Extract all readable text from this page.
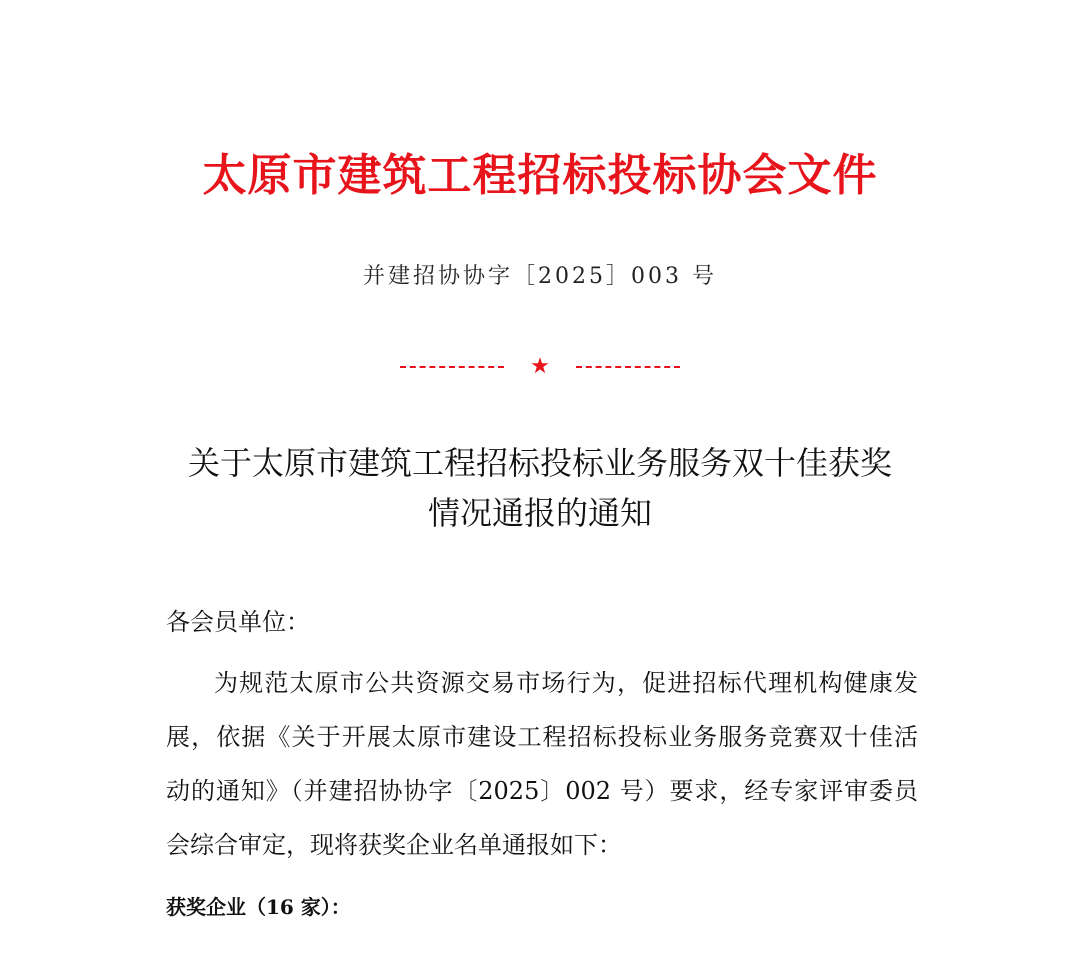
太原市建筑工程招标投标协会文件
并建招协协字［2025］003 号
★
关于太原市建筑工程招标投标业务服务双十佳获奖
情况通报的通知
各会员单位：
为规范太原市公共资源交易市场行为，促进招标代理机构健康发
展，依据《关于开展太原市建设工程招标投标业务服务竞赛双十佳活
动的通知》（并建招协协字〔2025〕002 号）要求，经专家评审委员
会综合审定，现将获奖企业名单通报如下：
获奖企业（16 家）：
